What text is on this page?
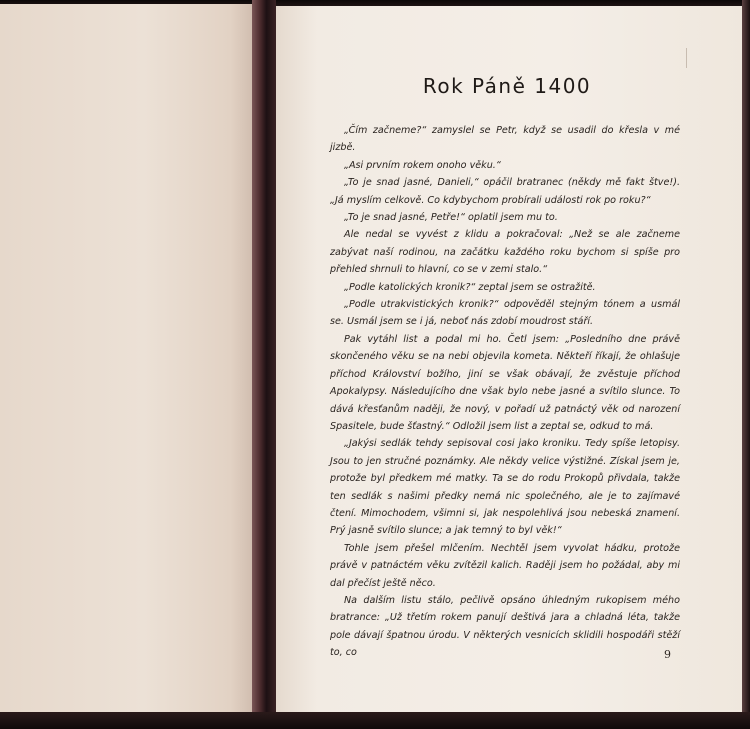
Rok Páně 1400

„Čím začneme?“ zamyslel se Petr, když se usadil do křesla v mé jizbě.

„Asi prvním rokem onoho věku.“

„To je snad jasné, Danieli,“ opáčil bratranec (někdy mě fakt štve!). „Já myslím celkově. Co kdybychom probírali události rok po roku?“

„To je snad jasné, Petře!“ oplatil jsem mu to.

Ale nedal se vyvést z klidu a pokračoval: „Než se ale začneme zabývat naší rodinou, na začátku každého roku bychom si spíše pro přehled shrnuli to hlavní, co se v zemi stalo.“

„Podle katolických kronik?“ zeptal jsem se ostražitě.

„Podle utrakvistických kronik?“ odpověděl stejným tónem a usmál se. Usmál jsem se i já, neboť nás zdobí moudrost stáří.

Pak vytáhl list a podal mi ho. Četl jsem: „Posledního dne právě skončeného věku se na nebi objevila kometa. Někteří říkají, že ohlašuje příchod Království božího, jiní se však obávají, že zvěstuje příchod Apokalypsy. Následujícího dne však bylo nebe jasné a svítilo slunce. To dává křesťanům naději, že nový, v pořadí už patnáctý věk od narození Spasitele, bude šťastný.“ Odložil jsem list a zeptal se, odkud to má.

„Jakýsi sedlák tehdy sepisoval cosi jako kroniku. Tedy spíše letopisy. Jsou to jen stručné poznámky. Ale někdy velice výstižné. Získal jsem je, protože byl předkem mé matky. Ta se do rodu Prokopů přivdala, takže ten sedlák s našimi předky nemá nic společného, ale je to zajímavé čtení. Mimochodem, všimni si, jak nespolehlivá jsou nebeská znamení. Prý jasně svítilo slunce; a jak temný to byl věk!“

Tohle jsem přešel mlčením. Nechtěl jsem vyvolat hádku, protože právě v patnáctém věku zvítězil kalich. Raději jsem ho požádal, aby mi dal přečíst ještě něco.

Na dalším listu stálo, pečlivě opsáno úhledným rukopisem mého bratrance: „Už třetím rokem panují deštivá jara a chladná léta, takže pole dávají špatnou úrodu. V některých vesnicích sklidili hospodáři stěží to, co	9
